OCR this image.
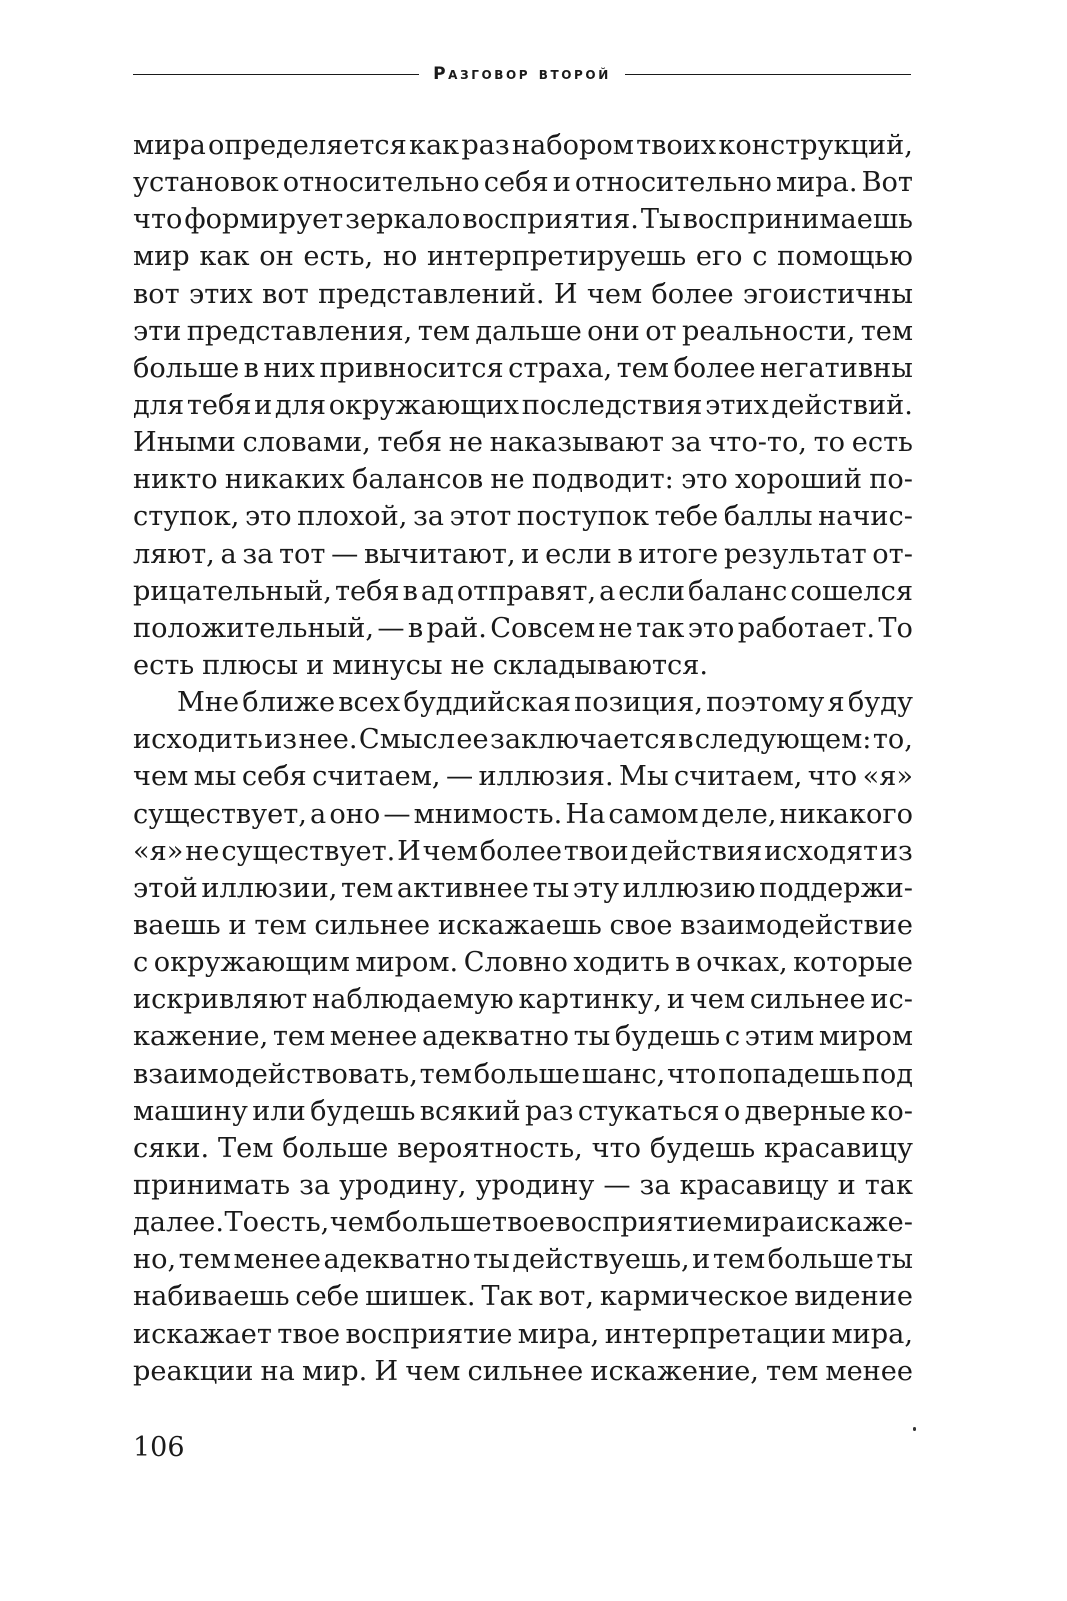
Разговор второй
мира определяется как раз набором твоих конструкций,
установок относительно себя и относительно мира. Вот
что формирует зеркало восприятия. Ты воспринимаешь
мир как он есть, но интерпретируешь его с помощью
вот этих вот представлений. И чем более эгоистичны
эти представления, тем дальше они от реальности, тем
больше в них привносится страха, тем более негативны
для тебя и для окружающих последствия этих действий.
Иными словами, тебя не наказывают за что-то, то есть
никто никаких балансов не подводит: это хороший по-
ступок, это плохой, за этот поступок тебе баллы начис-
ляют, а за тот — вычитают, и если в итоге результат от-
рицательный, тебя в ад отправят, а если баланс сошелся
положительный, — в рай. Совсем не так это работает. То
есть плюсы и минусы не складываются.
Мне ближе всех буддийская позиция, поэтому я буду
исходить из нее. Смысл ее заключается в следующем: то,
чем мы себя считаем, — иллюзия. Мы считаем, что «я»
существует, а оно — мнимость. На самом деле, никакого
«я» не существует. И чем более твои действия исходят из
этой иллюзии, тем активнее ты эту иллюзию поддержи-
ваешь и тем сильнее искажаешь свое взаимодействие
с окружающим миром. Словно ходить в очках, которые
искривляют наблюдаемую картинку, и чем сильнее ис-
кажение, тем менее адекватно ты будешь с этим миром
взаимодействовать, тем больше шанс, что попадешь под
машину или будешь всякий раз стукаться о дверные ко-
сяки. Тем больше вероятность, что будешь красавицу
принимать за уродину, уродину — за красавицу и так
далее. То есть, чем больше твое восприятие мира искаже-
но, тем менее адекватно ты действуешь, и тем больше ты
набиваешь себе шишек. Так вот, кармическое видение
искажает твое восприятие мира, интерпретации мира,
реакции на мир. И чем сильнее искажение, тем менее
106
